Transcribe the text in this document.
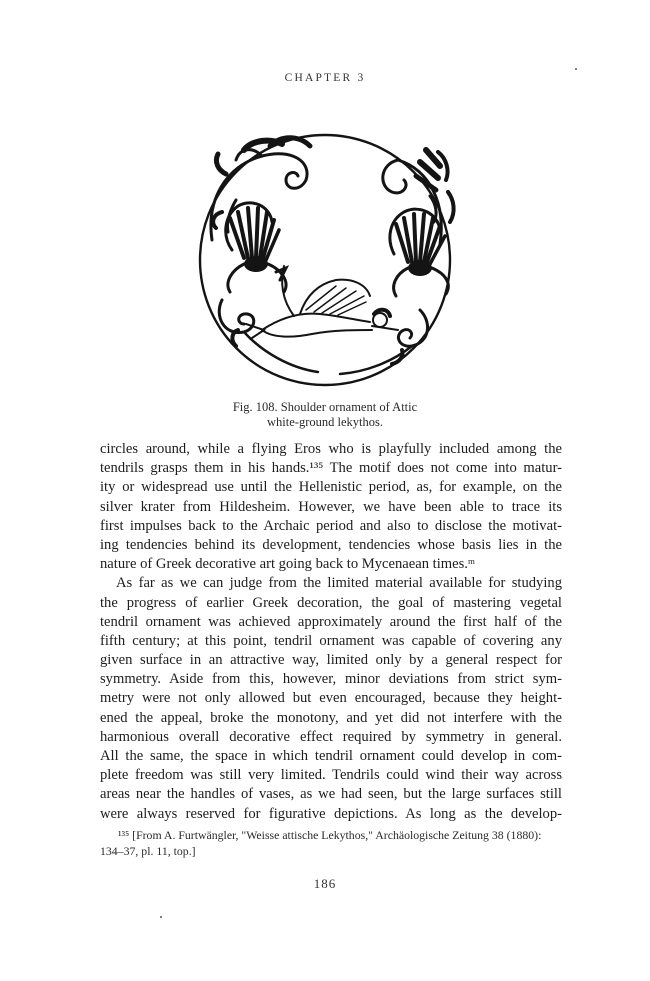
CHAPTER 3
Fig. 108. Shoulder ornament of Attic
white-ground lekythos.
circles around, while a flying Eros who is playfully included among the
tendrils grasps them in his hands.¹³⁵ The motif does not come into matur-
ity or widespread use until the Hellenistic period, as, for example, on the
silver krater from Hildesheim. However, we have been able to trace its
first impulses back to the Archaic period and also to disclose the motivat-
ing tendencies behind its development, tendencies whose basis lies in the
nature of Greek decorative art going back to Mycenaean times.ᵐ
As far as we can judge from the limited material available for studying
the progress of earlier Greek decoration, the goal of mastering vegetal
tendril ornament was achieved approximately around the first half of the
fifth century; at this point, tendril ornament was capable of covering any
given surface in an attractive way, limited only by a general respect for
symmetry. Aside from this, however, minor deviations from strict sym-
metry were not only allowed but even encouraged, because they height-
ened the appeal, broke the monotony, and yet did not interfere with the
harmonious overall decorative effect required by symmetry in general.
All the same, the space in which tendril ornament could develop in com-
plete freedom was still very limited. Tendrils could wind their way across
areas near the handles of vases, as we had seen, but the large surfaces still
were always reserved for figurative depictions. As long as the develop-
¹³⁵ [From A. Furtwängler, "Weisse attische Lekythos," Archäologische Zeitung 38 (1880):
134–37, pl. 11, top.]
186
